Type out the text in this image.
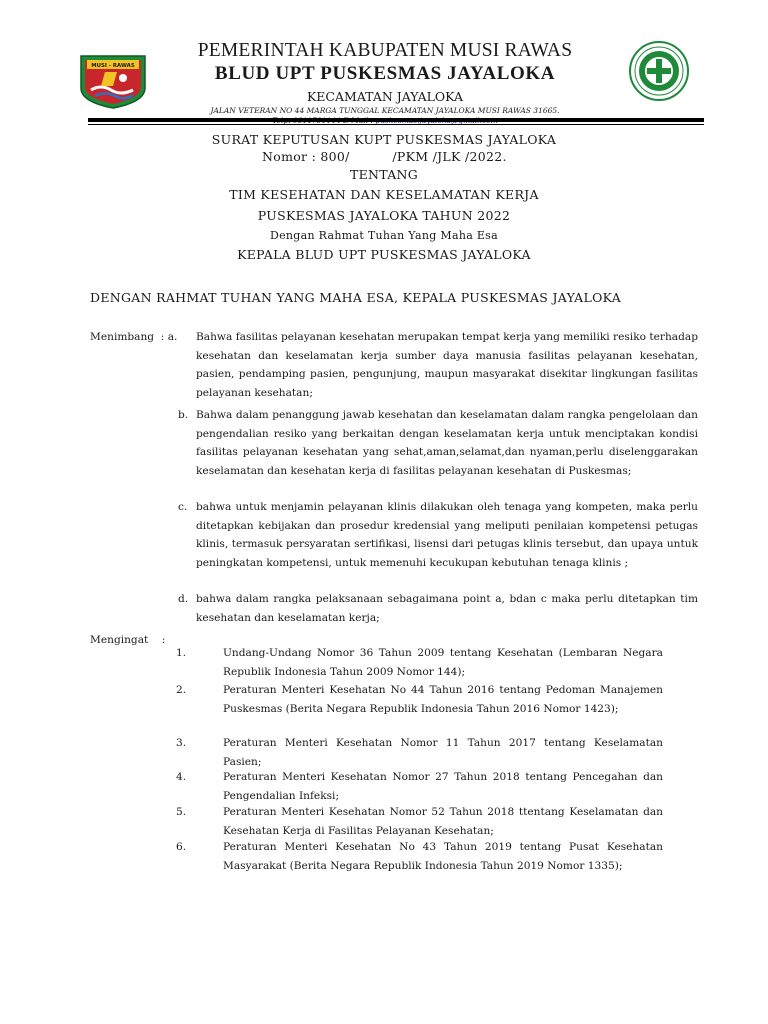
MUSI - RAWAS
PEMERINTAH KABUPATEN MUSI RAWAS
BLUD UPT PUSKESMAS JAYALOKA
KECAMATAN JAYALOKA
JALAN VETERAN NO 44 MARGA TUNGGAL KECAMATAN JAYALOKA MUSI RAWAS 31665.
SURAT KEPUTUSAN KUPT PUSKESMAS JAYALOKA
Nomor : 800/          /PKM /JLK /2022.
TENTANG
TIM KESEHATAN DAN KESELAMATAN KERJA
PUSKESMAS JAYALOKA TAHUN 2022
Dengan Rahmat Tuhan Yang Maha Esa
KEPALA BLUD UPT PUSKESMAS JAYALOKA
DENGAN RAHMAT TUHAN YANG MAHA ESA, KEPALA PUSKESMAS JAYALOKA
Menimbang  : a. Bahwa fasilitas pelayanan kesehatan merupakan tempat kerja yang memiliki resiko terhadap kesehatan dan keselamatan kerja sumber daya manusia fasilitas pelayanan kesehatan, pasien, pendamping pasien, pengunjung, maupun masyarakat disekitar lingkungan fasilitas pelayanan kesehatan;
b. Bahwa dalam penanggung jawab kesehatan dan keselamatan dalam rangka pengelolaan dan pengendalian resiko yang berkaitan dengan keselamatan kerja untuk menciptakan kondisi fasilitas pelayanan kesehatan yang sehat,aman,selamat,dan nyaman,perlu diselenggarakan keselamatan dan kesehatan kerja di fasilitas pelayanan kesehatan di Puskesmas;
c. bahwa untuk menjamin pelayanan klinis dilakukan oleh tenaga yang kompeten, maka perlu ditetapkan kebijakan dan prosedur kredensial yang meliputi penilaian kompetensi petugas klinis, termasuk persyaratan sertifikasi, lisensi dari petugas klinis tersebut, dan upaya untuk peningkatan kompetensi, untuk memenuhi kecukupan kebutuhan tenaga klinis ;
d. bahwa dalam rangka pelaksanaan sebagaimana point a, bdan c maka perlu ditetapkan tim kesehatan dan keselamatan kerja;
Mengingat    :
1.	Undang-Undang Nomor 36 Tahun 2009 tentang Kesehatan (Lembaran Negara Republik Indonesia Tahun 2009 Nomor 144);
2.	Peraturan Menteri Kesehatan No 44 Tahun 2016 tentang Pedoman Manajemen Puskesmas (Berita Negara Republik Indonesia Tahun 2016 Nomor 1423);
3.	Peraturan Menteri Kesehatan Nomor 11 Tahun 2017 tentang Keselamatan Pasien;
4.	Peraturan Menteri Kesehatan Nomor 27 Tahun 2018 tentang Pencegahan dan Pengendalian Infeksi;
5.	Peraturan Menteri Kesehatan Nomor 52 Tahun 2018 ttentang Keselamatan dan Kesehatan Kerja di Fasilitas Pelayanan Kesehatan;
6.	Peraturan Menteri Kesehatan No 43 Tahun 2019 tentang Pusat Kesehatan Masyarakat (Berita Negara Republik Indonesia Tahun 2019 Nomor 1335);
